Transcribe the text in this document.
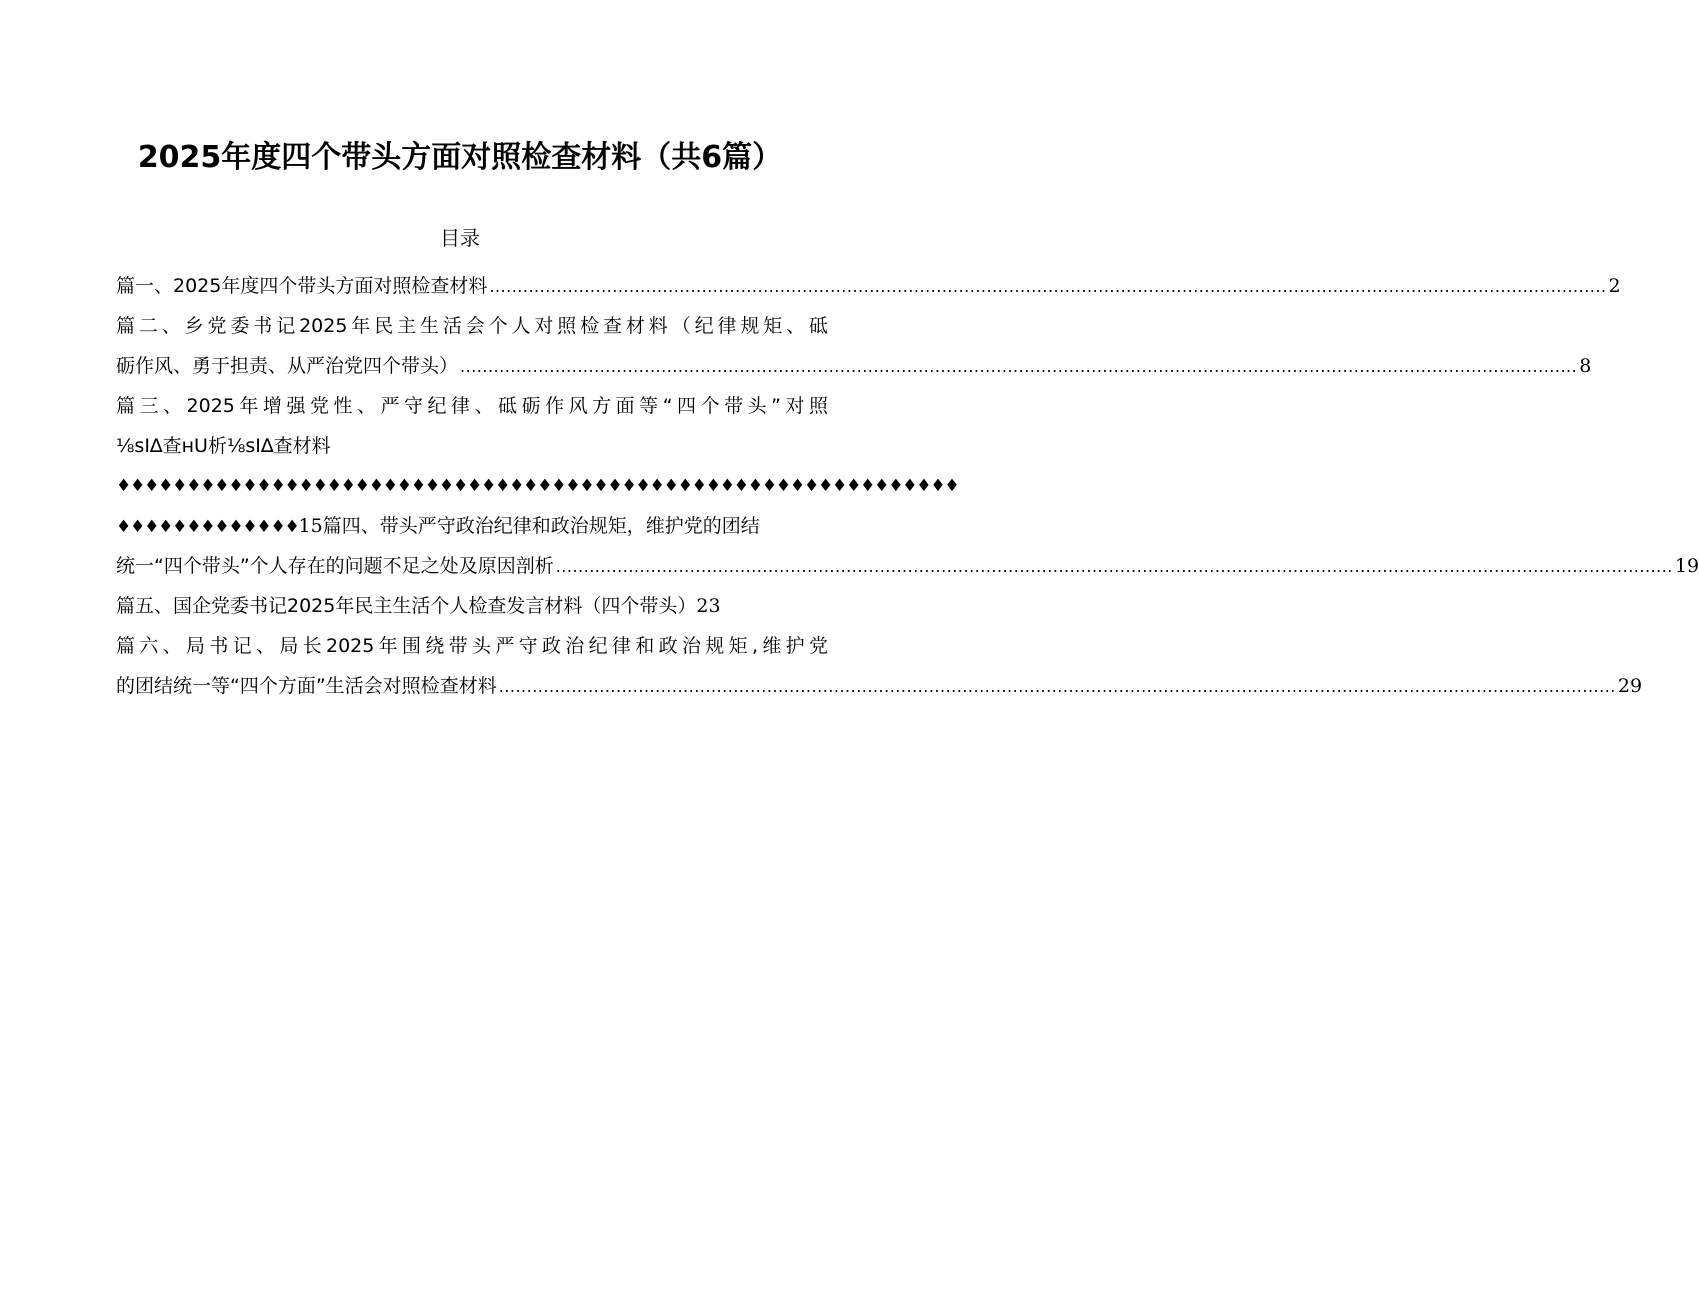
2025年度四个带头方面对照检查材料（共6篇）
目录
篇一、2025年度四个带头方面对照检查材料 .....	2
篇二、乡党委书记2025年民主生活会个人对照检查材料（纪律规矩、砥
砺作风、勇于担责、从严治党四个带头） .....	8
篇三、2025年增强党性、严守纪律、砥砺作风方面等“四个带头”对照
⅛sI∆查нU析⅛sI∆查材料
♦♦♦♦♦♦♦♦♦♦♦♦♦♦♦♦♦♦♦♦♦♦♦♦♦♦♦♦♦♦♦♦♦♦♦♦♦♦♦♦♦♦♦♦♦♦♦♦♦♦♦♦♦♦♦♦♦♦♦♦
♦♦♦♦♦♦♦♦♦♦♦♦♦ 15 篇四、带头严守政治纪律和政治规矩，维护党的团结
统一“四个带头”个人存在的问题不足之处及原因剖析 .....	19
篇五、国企党委书记2025年民主生活个人检查发言材料（四个带头） 23
篇六、局书记、局长2025年围绕带头严守政治纪律和政治规矩,维护党
的团结统一等“四个方面”生活会对照检查材料 .....	29
